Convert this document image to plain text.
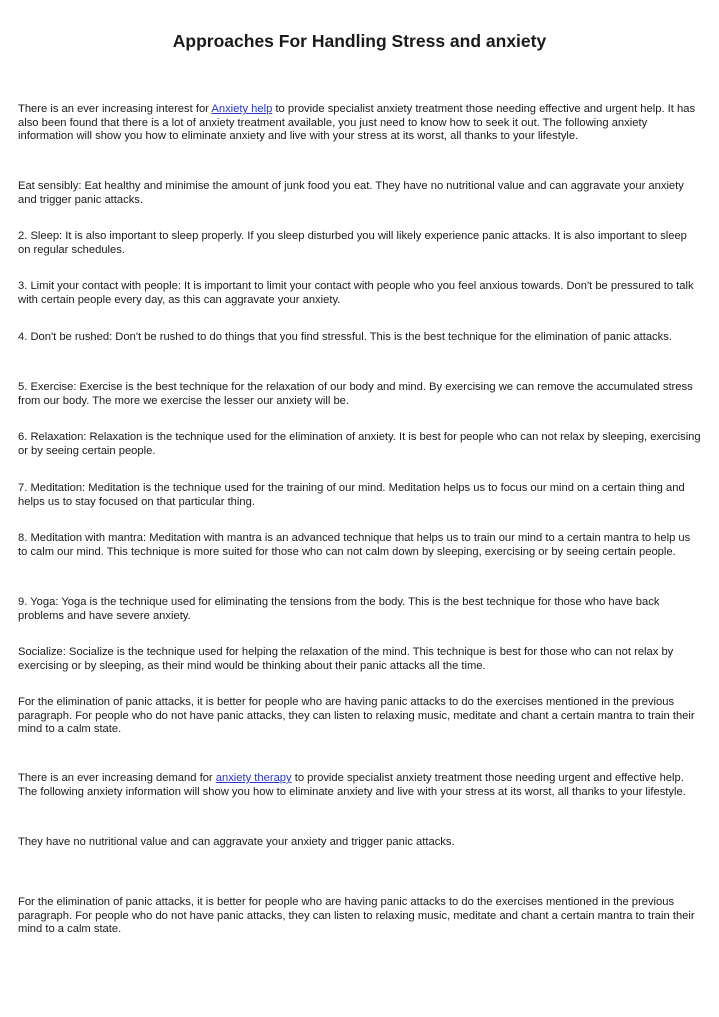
Approaches For Handling Stress and anxiety

There is an ever increasing interest for Anxiety help to provide specialist anxiety treatment those needing effective and urgent help. It has also been found that there is a lot of anxiety treatment available, you just need to know how to seek it out. The following anxiety information will show you how to eliminate anxiety and live with your stress at its worst, all thanks to your lifestyle.

Eat sensibly: Eat healthy and minimise the amount of junk food you eat. They have no nutritional value and can aggravate your anxiety and trigger panic attacks.

2. Sleep: It is also important to sleep properly. If you sleep disturbed you will likely experience panic attacks. It is also important to sleep on regular schedules.

3. Limit your contact with people: It is important to limit your contact with people who you feel anxious towards. Don't be pressured to talk with certain people every day, as this can aggravate your anxiety.

4. Don't be rushed: Don't be rushed to do things that you find stressful. This is the best technique for the elimination of panic attacks.

5. Exercise: Exercise is the best technique for the relaxation of our body and mind. By exercising we can remove the accumulated stress from our body. The more we exercise the lesser our anxiety will be.

6. Relaxation: Relaxation is the technique used for the elimination of anxiety. It is best for people who can not relax by sleeping, exercising or by seeing certain people.

7. Meditation: Meditation is the technique used for the training of our mind. Meditation helps us to focus our mind on a certain thing and helps us to stay focused on that particular thing.

8. Meditation with mantra: Meditation with mantra is an advanced technique that helps us to train our mind to a certain mantra to help us to calm our mind. This technique is more suited for those who can not calm down by sleeping, exercising or by seeing certain people.

9. Yoga: Yoga is the technique used for eliminating the tensions from the body. This is the best technique for those who have back problems and have severe anxiety.

Socialize: Socialize is the technique used for helping the relaxation of the mind. This technique is best for those who can not relax by exercising or by sleeping, as their mind would be thinking about their panic attacks all the time.

For the elimination of panic attacks, it is better for people who are having panic attacks to do the exercises mentioned in the previous paragraph. For people who do not have panic attacks, they can listen to relaxing music, meditate and chant a certain mantra to train their mind to a calm state.

There is an ever increasing demand for anxiety therapy to provide specialist anxiety treatment those needing urgent and effective help. The following anxiety information will show you how to eliminate anxiety and live with your stress at its worst, all thanks to your lifestyle.

They have no nutritional value and can aggravate your anxiety and trigger panic attacks.

For the elimination of panic attacks, it is better for people who are having panic attacks to do the exercises mentioned in the previous paragraph. For people who do not have panic attacks, they can listen to relaxing music, meditate and chant a certain mantra to train their mind to a calm state.
